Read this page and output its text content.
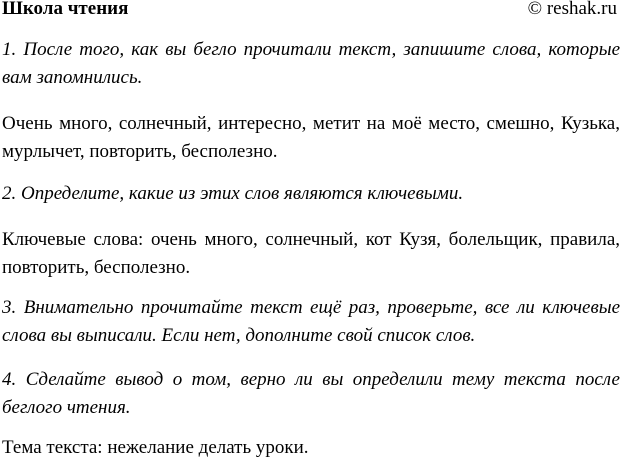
Школа чтения	© reshak.ru

1. После того, как вы бегло прочитали текст, запишите слова, которые вам запомнились.

Очень много, солнечный, интересно, метит на моё место, смешно, Кузька, мурлычет, повторить, бесполезно.

2. Определите, какие из этих слов являются ключевыми.

Ключевые слова: очень много, солнечный, кот Кузя, болельщик, правила, повторить, бесполезно.

3. Внимательно прочитайте текст ещё раз, проверьте, все ли ключевые слова вы выписали. Если нет, дополните свой список слов.

4. Сделайте вывод о том, верно ли вы определили тему текста после беглого чтения.

Тема текста: нежелание делать уроки.
